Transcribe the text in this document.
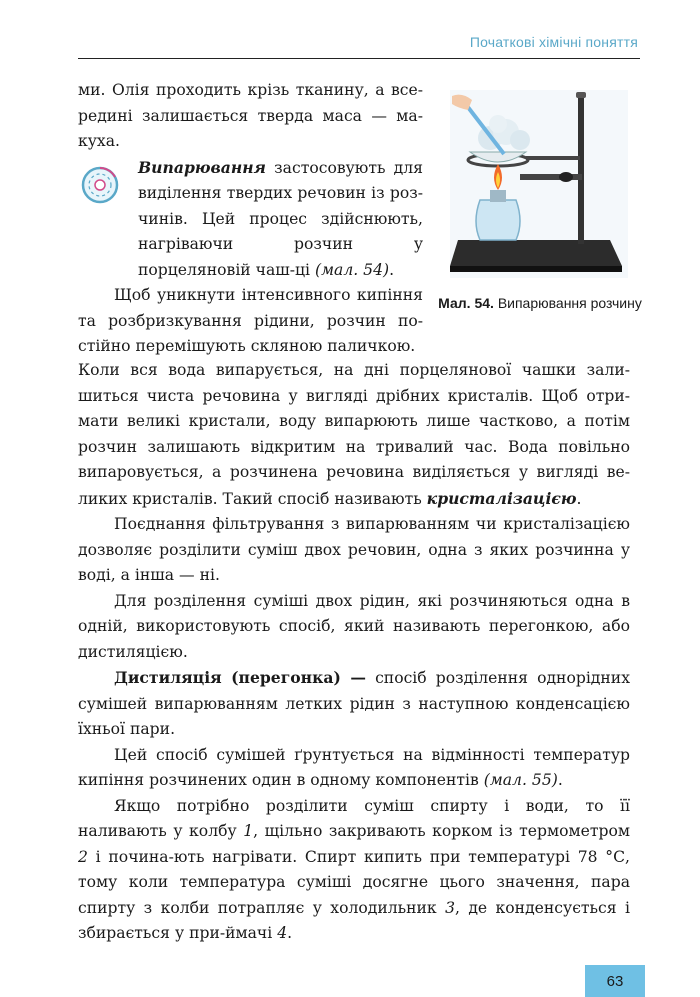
Початкові хімічні поняття

ми. Олія проходить крізь тканину, а все-редині залишається тверда маса — ма-куха.

Випарювання застосовують для виділення твердих речовин із роз-чинів. Цей процес здійснюють, нагріваючи розчин у порцеляновій чаш-ці (мал. 54).

Щоб уникнути інтенсивного кипіння та розбризкування рідини, розчин по-стійно перемішують скляною паличкою.

Мал. 54. Випарювання розчину

Коли вся вода випарується, на дні порцелянової чашки зали-шиться чиста речовина у вигляді дрібних кристалів. Щоб отри-мати великі кристали, воду випарюють лише частково, а потім розчин залишають відкритим на тривалий час. Вода повільно випаровується, а розчинена речовина виділяється у вигляді ве-ликих кристалів. Такий спосіб називають кристалізацією.

Поєднання фільтрування з випарюванням чи кристалізацією дозволяє розділити суміш двох речовин, одна з яких розчинна у воді, а інша — ні.

Для розділення суміші двох рідин, які розчиняються одна в одній, використовують спосіб, який називають перегонкою, або дистиляцією.

Дистиляція (перегонка) — спосіб розділення однорідних сумішей випарюванням летких рідин з наступною конденсацією їхньої пари.

Цей спосіб сумішей ґрунтується на відмінності температур кипіння розчинених один в одному компонентів (мал. 55).

Якщо потрібно розділити суміш спирту і води, то її наливають у колбу 1, щільно закривають корком із термометром 2 і почина-ють нагрівати. Спирт кипить при температурі 78 °С, тому коли температура суміші досягне цього значення, пара спирту з колби потрапляє у холодильник 3, де конденсується і збирається у при-ймачі 4.

63
